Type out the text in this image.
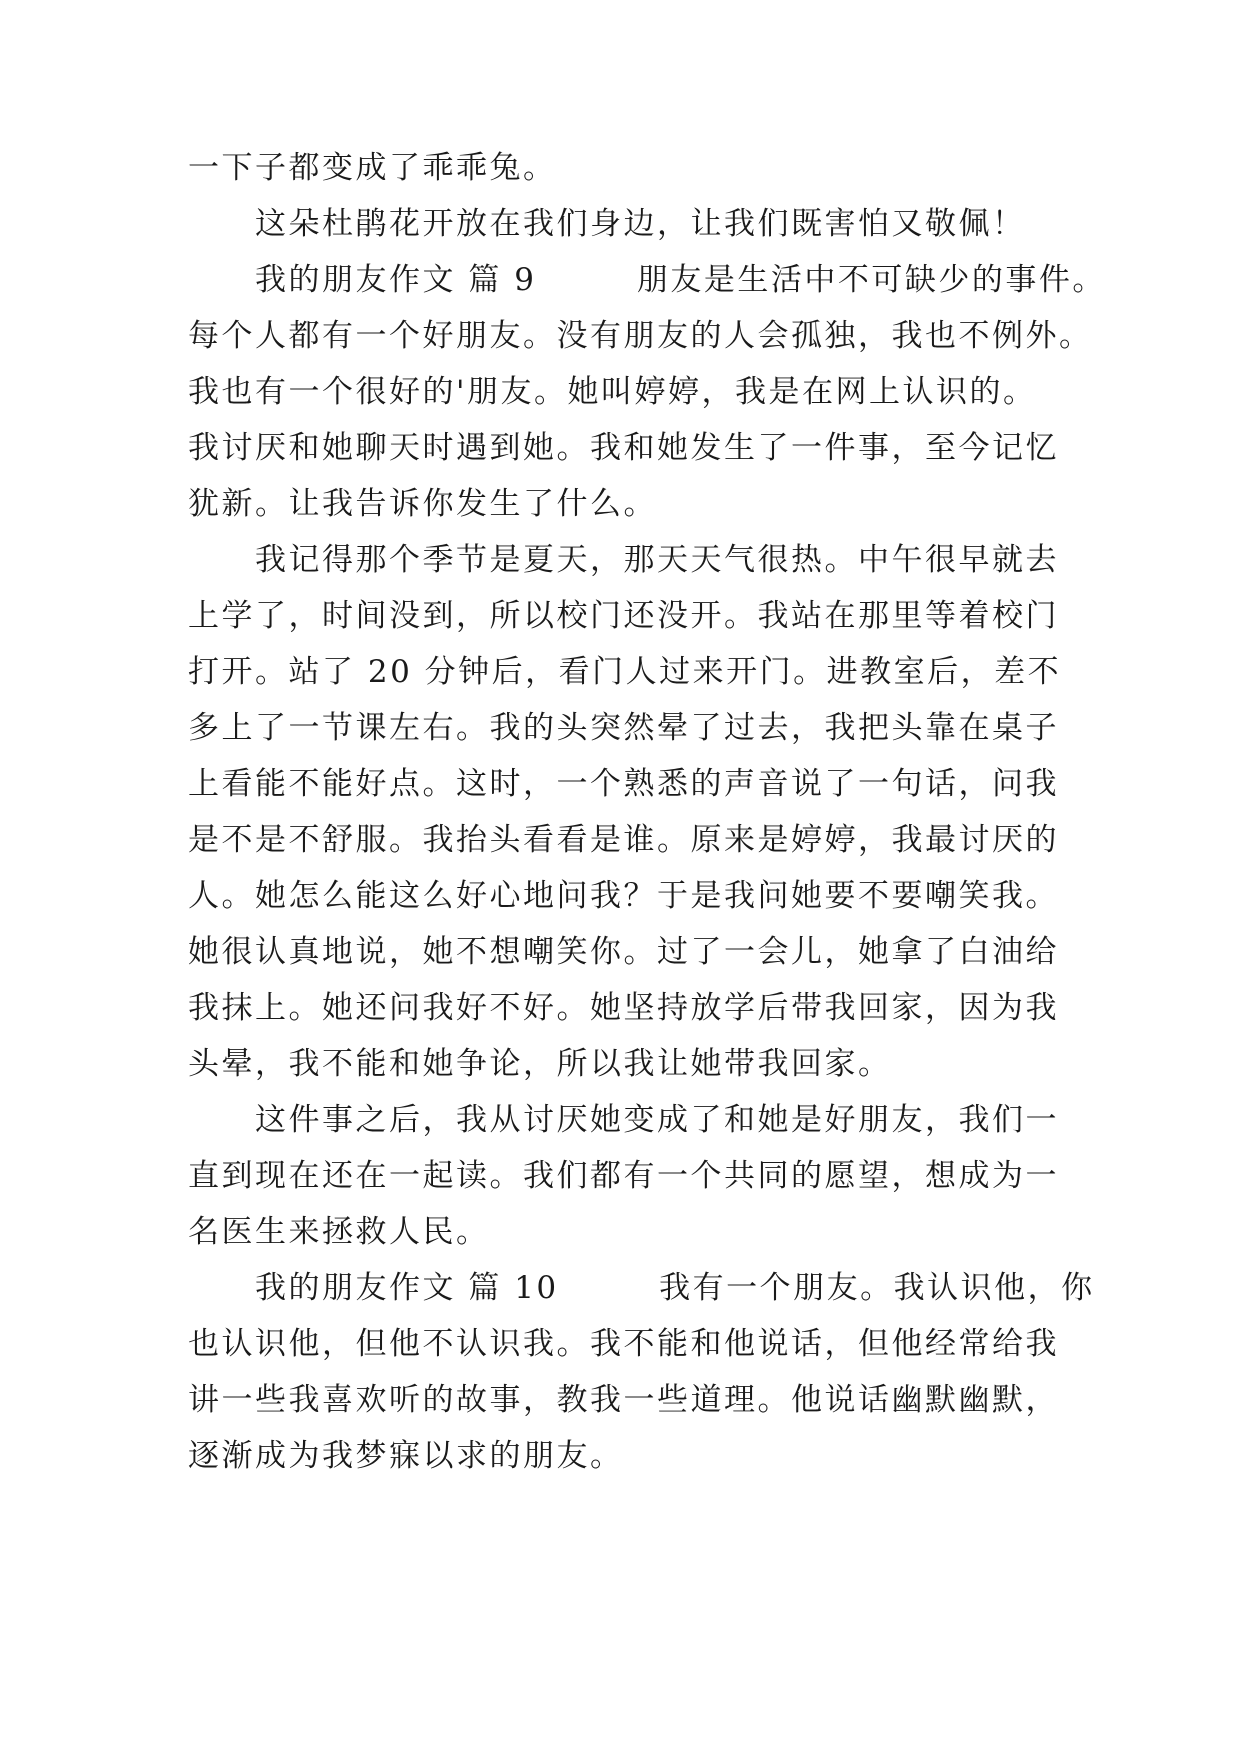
一下子都变成了乖乖兔。
　　这朵杜鹃花开放在我们身边，让我们既害怕又敬佩！
　　我的朋友作文 篇 9　　　朋友是生活中不可缺少的事件。
每个人都有一个好朋友。没有朋友的人会孤独，我也不例外。
我也有一个很好的'朋友。她叫婷婷，我是在网上认识的。
我讨厌和她聊天时遇到她。我和她发生了一件事，至今记忆
犹新。让我告诉你发生了什么。
　　我记得那个季节是夏天，那天天气很热。中午很早就去
上学了，时间没到，所以校门还没开。我站在那里等着校门
打开。站了 20 分钟后，看门人过来开门。进教室后，差不
多上了一节课左右。我的头突然晕了过去，我把头靠在桌子
上看能不能好点。这时，一个熟悉的声音说了一句话，问我
是不是不舒服。我抬头看看是谁。原来是婷婷，我最讨厌的
人。她怎么能这么好心地问我？于是我问她要不要嘲笑我。
她很认真地说，她不想嘲笑你。过了一会儿，她拿了白油给
我抹上。她还问我好不好。她坚持放学后带我回家，因为我
头晕，我不能和她争论，所以我让她带我回家。
　　这件事之后，我从讨厌她变成了和她是好朋友，我们一
直到现在还在一起读。我们都有一个共同的愿望，想成为一
名医生来拯救人民。
　　我的朋友作文 篇 10　　　我有一个朋友。我认识他，你
也认识他，但他不认识我。我不能和他说话，但他经常给我
讲一些我喜欢听的故事，教我一些道理。他说话幽默幽默，
逐渐成为我梦寐以求的朋友。
